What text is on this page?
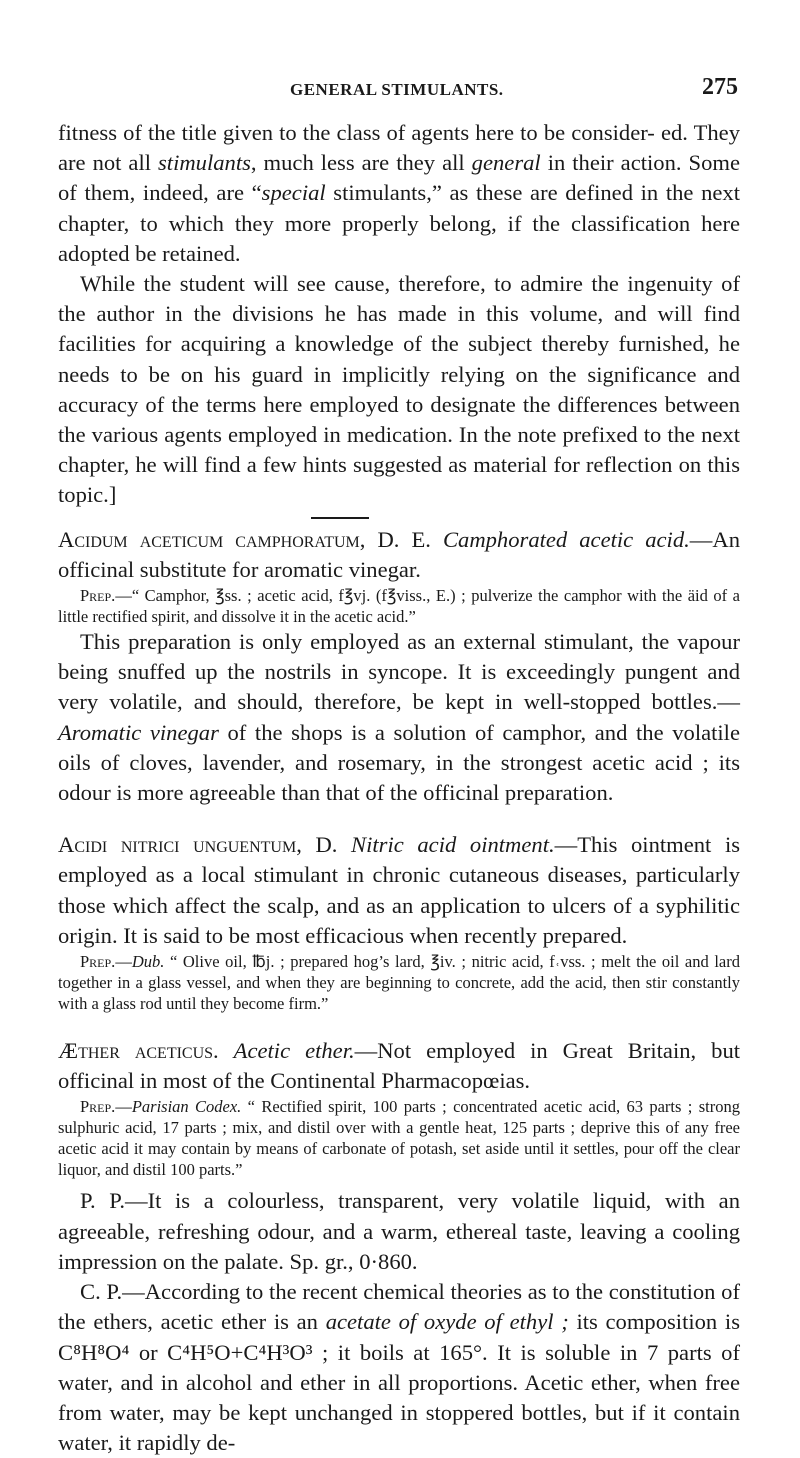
GENERAL STIMULANTS.	275

fitness of the title given to the class of agents here to be consider- ed. They are not all stimulants, much less are they all general in their action. Some of them, indeed, are “special stimulants,” as these are defined in the next chapter, to which they more properly belong, if the classification here adopted be retained.

While the student will see cause, therefore, to admire the ingenuity of the author in the divisions he has made in this volume, and will find facilities for acquiring a knowledge of the subject thereby furnished, he needs to be on his guard in implicitly relying on the significance and accuracy of the terms here employed to designate the differences between the various agents employed in medication. In the note prefixed to the next chapter, he will find a few hints suggested as material for reflection on this topic.]

Acidum aceticum camphoratum, D. E. Camphorated acetic acid.—An officinal substitute for aromatic vinegar.

Prep.—“ Camphor, ℥ss. ; acetic acid, f℥vj. (f℥viss., E.) ; pulverize the camphor with the äid of a little rectified spirit, and dissolve it in the acetic acid.”

This preparation is only employed as an external stimulant, the vapour being snuffed up the nostrils in syncope. It is exceedingly pungent and very volatile, and should, therefore, be kept in well-stopped bottles.—Aromatic vinegar of the shops is a solution of camphor, and the volatile oils of cloves, lavender, and rosemary, in the strongest acetic acid ; its odour is more agreeable than that of the officinal preparation.

Acidi nitrici unguentum, D. Nitric acid ointment.—This ointment is employed as a local stimulant in chronic cutaneous diseases, particularly those which affect the scalp, and as an application to ulcers of a syphilitic origin. It is said to be most efficacious when recently prepared.

Prep.—Dub. “ Olive oil, ℔j. ; prepared hog’s lard, ℥iv. ; nitric acid, f˓vss. ; melt the oil and lard together in a glass vessel, and when they are beginning to concrete, add the acid, then stir constantly with a glass rod until they become firm.”

Æther aceticus. Acetic ether.—Not employed in Great Britain, but officinal in most of the Continental Pharmacopœias.

Prep.—Parisian Codex. “ Rectified spirit, 100 parts ; concentrated acetic acid, 63 parts ; strong sulphuric acid, 17 parts ; mix, and distil over with a gentle heat, 125 parts ; deprive this of any free acetic acid it may contain by means of carbonate of potash, set aside until it settles, pour off the clear liquor, and distil 100 parts.”

P. P.—It is a colourless, transparent, very volatile liquid, with an agreeable, refreshing odour, and a warm, ethereal taste, leaving a cooling impression on the palate. Sp. gr., 0·860.

C. P.—According to the recent chemical theories as to the constitution of the ethers, acetic ether is an acetate of oxyde of ethyl ; its composition is C⁸H⁸O⁴ or C⁴H⁵O+C⁴H³O³ ; it boils at 165°. It is soluble in 7 parts of water, and in alcohol and ether in all proportions. Acetic ether, when free from water, may be kept unchanged in stoppered bottles, but if it contain water, it rapidly de-
